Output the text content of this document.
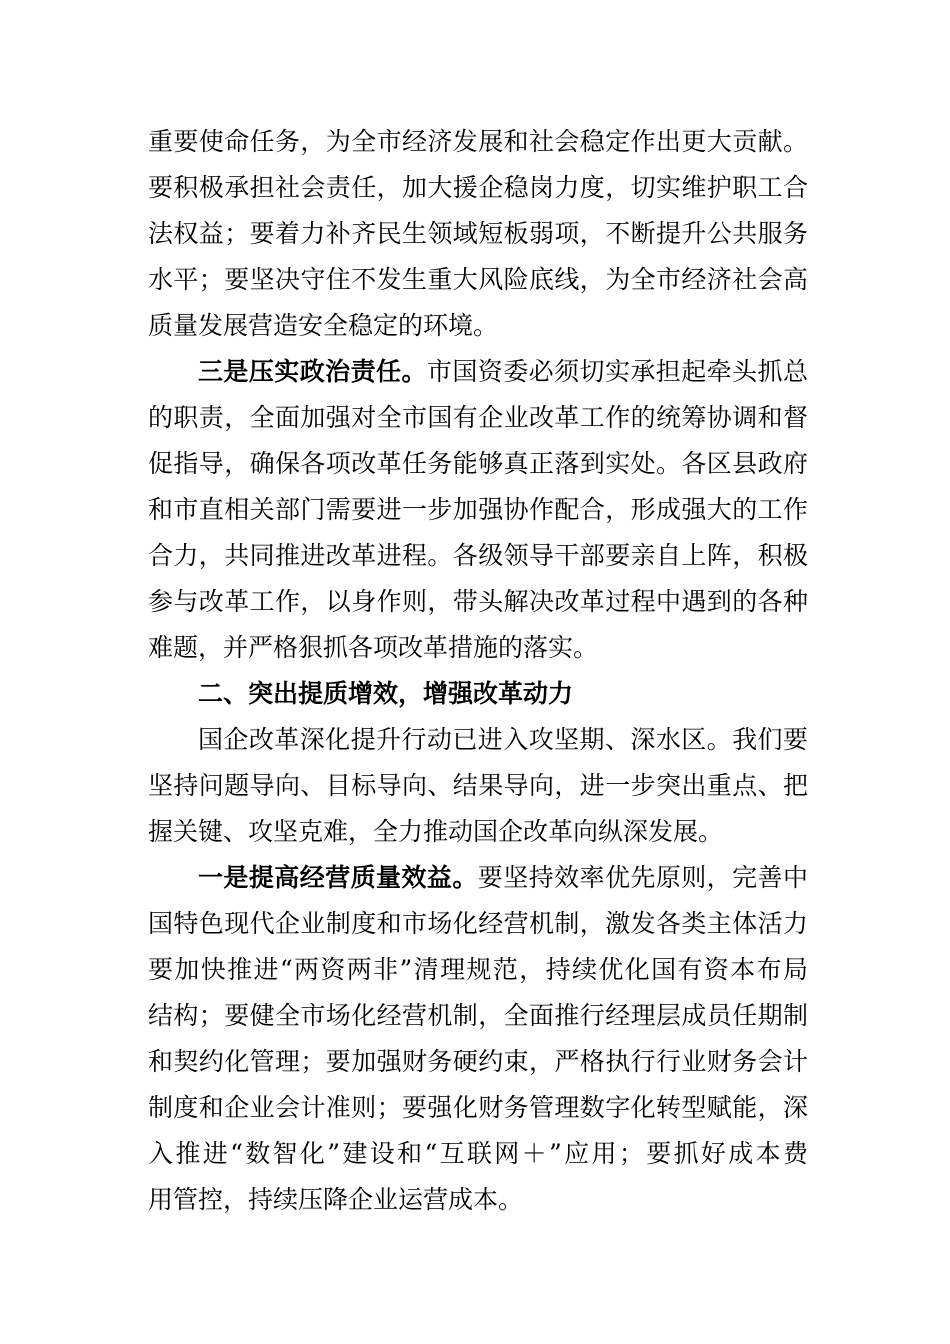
重要使命任务，为全市经济发展和社会稳定作出更大贡献。
要积极承担社会责任，加大援企稳岗力度，切实维护职工合
法权益；要着力补齐民生领域短板弱项，不断提升公共服务
水平；要坚决守住不发生重大风险底线，为全市经济社会高
质量发展营造安全稳定的环境。
三是压实政治责任。市国资委必须切实承担起牵头抓总
的职责，全面加强对全市国有企业改革工作的统筹协调和督
促指导，确保各项改革任务能够真正落到实处。各区县政府
和市直相关部门需要进一步加强协作配合，形成强大的工作
合力，共同推进改革进程。各级领导干部要亲自上阵，积极
参与改革工作，以身作则，带头解决改革过程中遇到的各种
难题，并严格狠抓各项改革措施的落实。
二、突出提质增效，增强改革动力
国企改革深化提升行动已进入攻坚期、深水区。我们要
坚持问题导向、目标导向、结果导向，进一步突出重点、把
握关键、攻坚克难，全力推动国企改革向纵深发展。
一是提高经营质量效益。要坚持效率优先原则，完善中
国特色现代企业制度和市场化经营机制，激发各类主体活力
要加快推进“两资两非”清理规范，持续优化国有资本布局
结构；要健全市场化经营机制，全面推行经理层成员任期制
和契约化管理；要加强财务硬约束，严格执行行业财务会计
制度和企业会计准则；要强化财务管理数字化转型赋能，深
入推进“数智化”建设和“互联网＋”应用；要抓好成本费
用管控，持续压降企业运营成本。
